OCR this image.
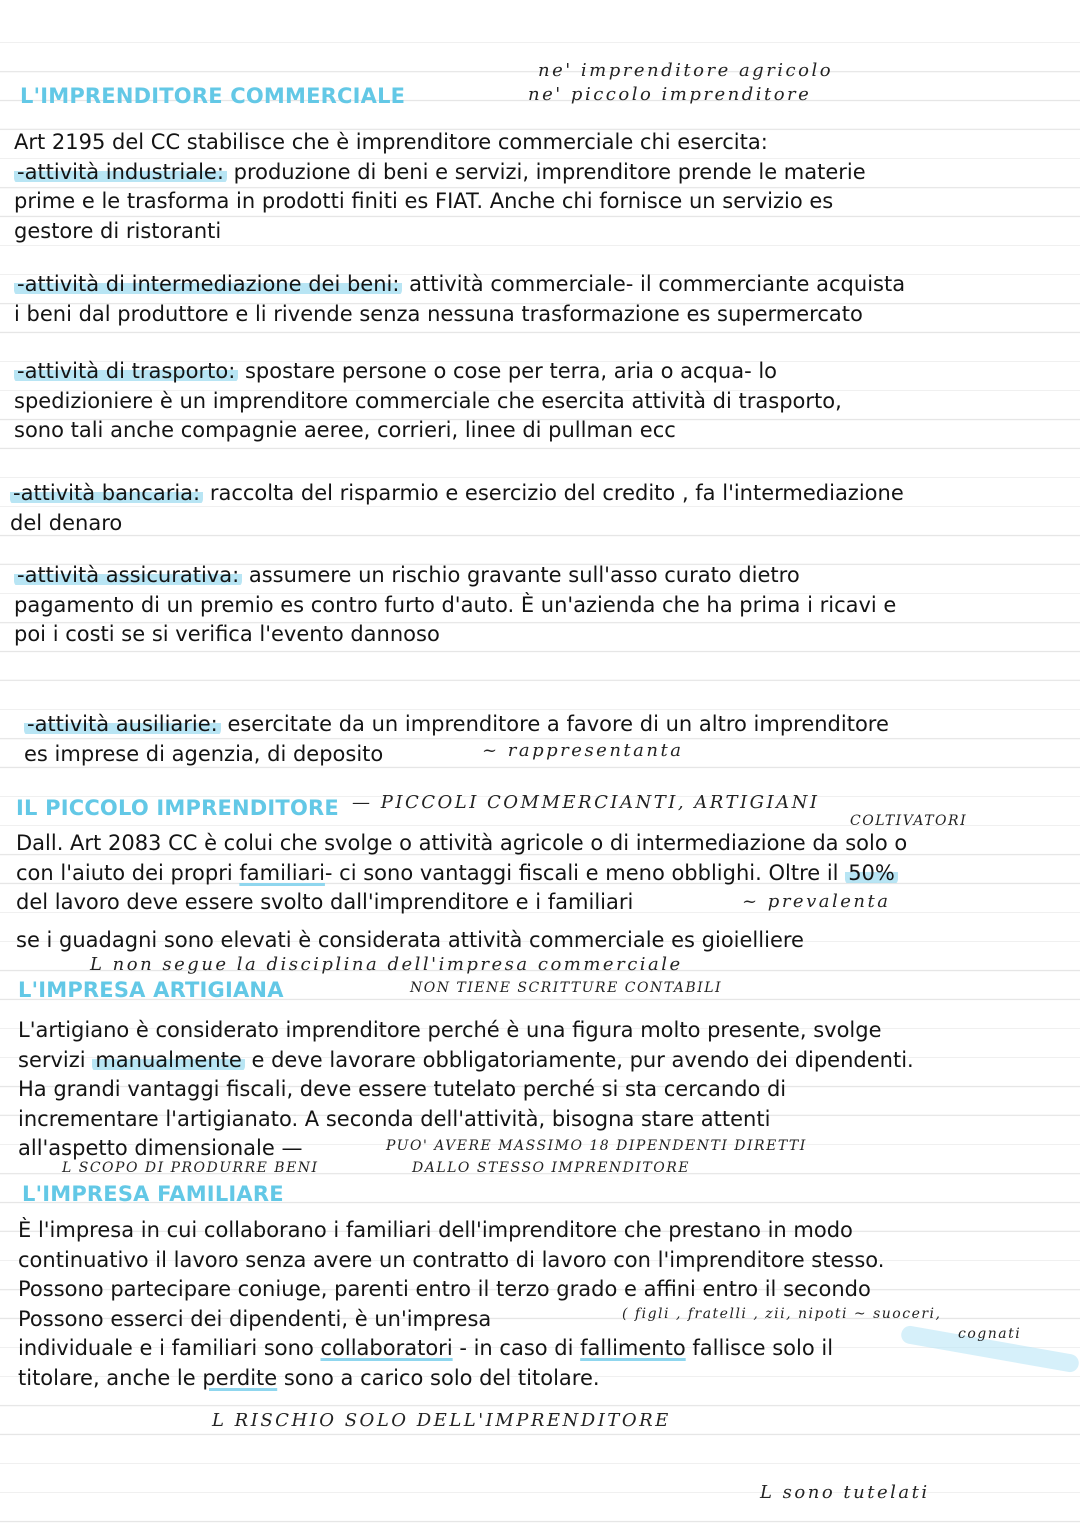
L'IMPRENDITORE COMMERCIALE
ne' imprenditore agricolo
ne' piccolo imprenditore
Art 2195 del CC stabilisce che è imprenditore commerciale chi esercita:
-attività industriale: produzione di beni e servizi, imprenditore prende le materie
prime e le trasforma in prodotti finiti es FIAT. Anche chi fornisce un servizio es
gestore di ristoranti
-attività di intermediazione dei beni: attività commerciale- il commerciante acquista
i beni dal produttore e li rivende senza nessuna trasformazione es supermercato
-attività di trasporto: spostare persone o cose per terra, aria o acqua- lo
spedizioniere è un imprenditore commerciale che esercita attività di trasporto,
sono tali anche compagnie aeree, corrieri, linee di pullman ecc
-attività bancaria: raccolta del risparmio e esercizio del credito , fa l'intermediazione
del denaro
-attività assicurativa: assumere un rischio gravante sull'asso curato dietro
pagamento di un premio es contro furto d'auto. È un'azienda che ha prima i ricavi e
poi i costi se si verifica l'evento dannoso
-attività ausiliarie: esercitate da un imprenditore a favore di un altro imprenditore
es imprese di agenzia, di deposito	~ rappresentanta
IL PICCOLO IMPRENDITORE — PICCOLI COMMERCIANTI, ARTIGIANI
COLTIVATORI
Dall. Art 2083 CC è colui che svolge o attività agricole o di intermediazione da solo o
con l'aiuto dei propri familiari- ci sono vantaggi fiscali e meno obblighi. Oltre il 50%
del lavoro deve essere svolto dall'imprenditore e i familiari	~ prevalenta
se i guadagni sono elevati è considerata attività commerciale es gioielliere
L non segue la disciplina dell'impresa commerciale
L'IMPRESA ARTIGIANA	NON TIENE SCRITTURE CONTABILI
L'artigiano è considerato imprenditore perché è una figura molto presente, svolge
servizi manualmente e deve lavorare obbligatoriamente, pur avendo dei dipendenti.
Ha grandi vantaggi fiscali, deve essere tutelato perché si sta cercando di
incrementare l'artigianato. A seconda dell'attività, bisogna stare attenti
all'aspetto dimensionale —	PUO' AVERE MASSIMO 18 DIPENDENTI DIRETTI
DALLO STESSO IMPRENDITORE
L SCOPO DI PRODURRE BENI
L'IMPRESA FAMILIARE
È l'impresa in cui collaborano i familiari dell'imprenditore che prestano in modo
continuativo il lavoro senza avere un contratto di lavoro con l'imprenditore stesso.
Possono partecipare coniuge, parenti entro il terzo grado e affini entro il secondo
Possono esserci dei dipendenti, è un'impresa
individuale e i familiari sono collaboratori - in caso di fallimento fallisce solo il
titolare, anche le perdite sono a carico solo del titolare.
( figli , fratelli , zii, nipoti ~ suoceri,
cognati
L RISCHIO SOLO DELL'IMPRENDITORE
L sono tutelati
